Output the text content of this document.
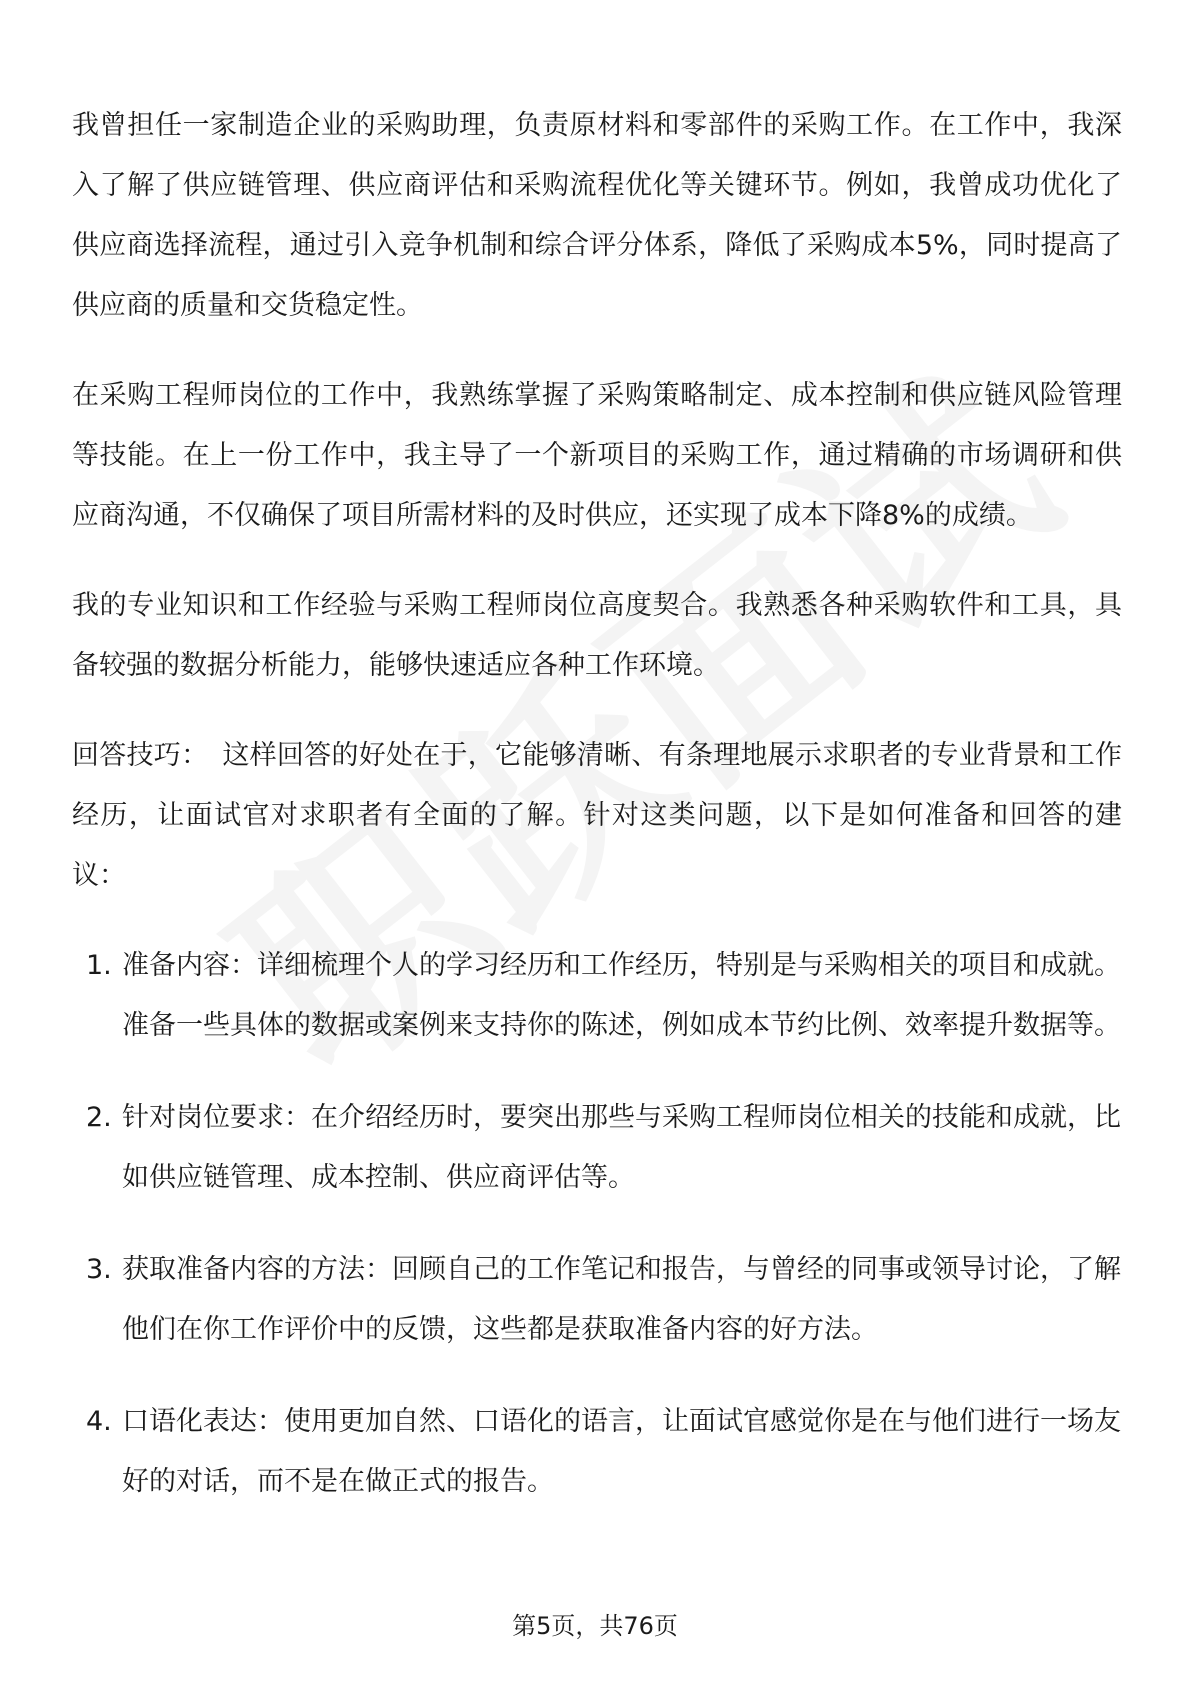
我曾担任一家制造企业的采购助理，负责原材料和零部件的采购工作。在工作中，我深入了解了供应链管理、供应商评估和采购流程优化等关键环节。例如，我曾成功优化了供应商选择流程，通过引入竞争机制和综合评分体系，降低了采购成本5%，同时提高了供应商的质量和交货稳定性。

在采购工程师岗位的工作中，我熟练掌握了采购策略制定、成本控制和供应链风险管理等技能。在上一份工作中，我主导了一个新项目的采购工作，通过精确的市场调研和供应商沟通，不仅确保了项目所需材料的及时供应，还实现了成本下降8%的成绩。

我的专业知识和工作经验与采购工程师岗位高度契合。我熟悉各种采购软件和工具，具备较强的数据分析能力，能够快速适应各种工作环境。

回答技巧： 这样回答的好处在于，它能够清晰、有条理地展示求职者的专业背景和工作经历，让面试官对求职者有全面的了解。针对这类问题，以下是如何准备和回答的建议：

1. 准备内容：详细梳理个人的学习经历和工作经历，特别是与采购相关的项目和成就。准备一些具体的数据或案例来支持你的陈述，例如成本节约比例、效率提升数据等。
2. 针对岗位要求：在介绍经历时，要突出那些与采购工程师岗位相关的技能和成就，比如供应链管理、成本控制、供应商评估等。
3. 获取准备内容的方法：回顾自己的工作笔记和报告，与曾经的同事或领导讨论，了解他们在你工作评价中的反馈，这些都是获取准备内容的好方法。
4. 口语化表达：使用更加自然、口语化的语言，让面试官感觉你是在与他们进行一场友好的对话，而不是在做正式的报告。
第5页，共76页
